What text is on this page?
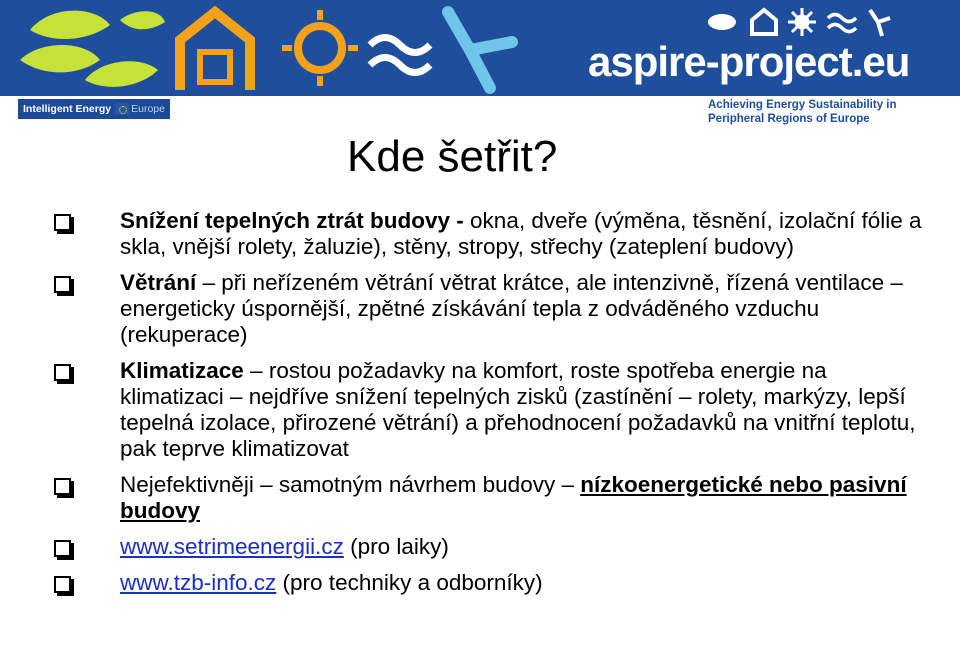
aspire-project.eu
Intelligent Energy	Europe	Achieving Energy Sustainability in
Peripheral Regions of Europe
Kde šetřit?
Snížení tepelných ztrát budovy - okna, dveře (výměna, těsnění, izolační fólie a skla, vnější rolety, žaluzie), stěny, stropy, střechy (zateplení budovy)
Větrání – při neřízeném větrání větrat krátce, ale intenzivně, řízená ventilace – energeticky úspornější, zpětné získávání tepla z odváděného vzduchu (rekuperace)
Klimatizace – rostou požadavky na komfort, roste spotřeba energie na klimatizaci – nejdříve snížení tepelných zisků (zastínění – rolety, markýzy, lepší tepelná izolace, přirozené větrání) a přehodnocení požadavků na vnitřní teplotu, pak teprve klimatizovat
Nejefektivněji – samotným návrhem budovy – nízkoenergetické nebo pasivní budovy
www.setrimeenergii.cz (pro laiky)
www.tzb-info.cz (pro techniky a odborníky)
